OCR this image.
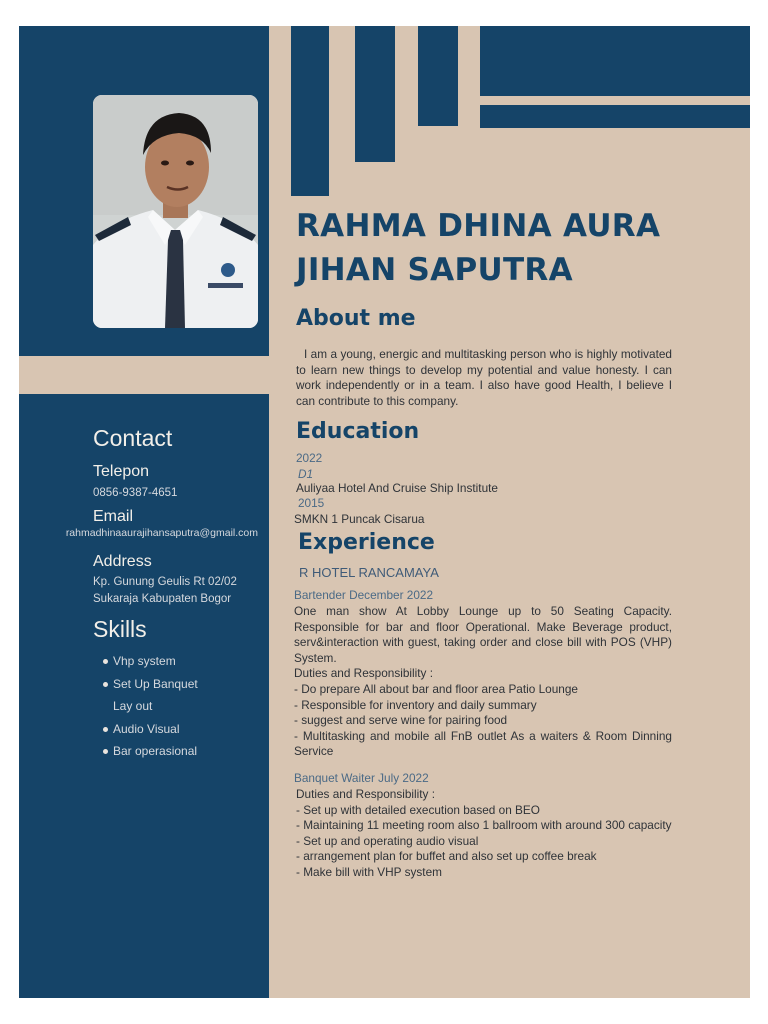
Contact
Telepon
0856-9387-4651
Email
rahmadhinaaurajihansaputra@gmail.com
Address
Kp. Gunung Geulis Rt 02/02
Sukaraja Kabupaten Bogor
Skills
Vhp system
Set Up Banquet
Lay out
Audio Visual
Bar operasional
RAHMA DHINA AURA
JIHAN SAPUTRA
About me
I am a young, energic and multitasking person who is highly motivated to learn new things to develop my potential and value honesty. I can work independently or in a team. I also have good Health, I believe I can contribute to this company.
Education
2022
D1
Auliyaa Hotel And Cruise Ship Institute
2015
SMKN 1 Puncak Cisarua
Experience
R HOTEL RANCAMAYA
Bartender December 2022
One man show At Lobby Lounge up to 50 Seating Capacity. Responsible for bar and floor Operational. Make Beverage product, serv&interaction with guest, taking order and close bill with POS (VHP) System.
Duties and Responsibility :
- Do prepare All about bar and floor area Patio Lounge
- Responsible for inventory and daily summary
- suggest and serve wine for pairing food
- Multitasking and mobile all FnB outlet As a waiters & Room Dinning Service
Banquet Waiter July 2022
Duties and Responsibility :
- Set up with detailed execution based on BEO
- Maintaining 11 meeting room also 1 ballroom with around 300 capacity
- Set up and operating audio visual
- arrangement plan for buffet and also set up coffee break
- Make bill with VHP system
